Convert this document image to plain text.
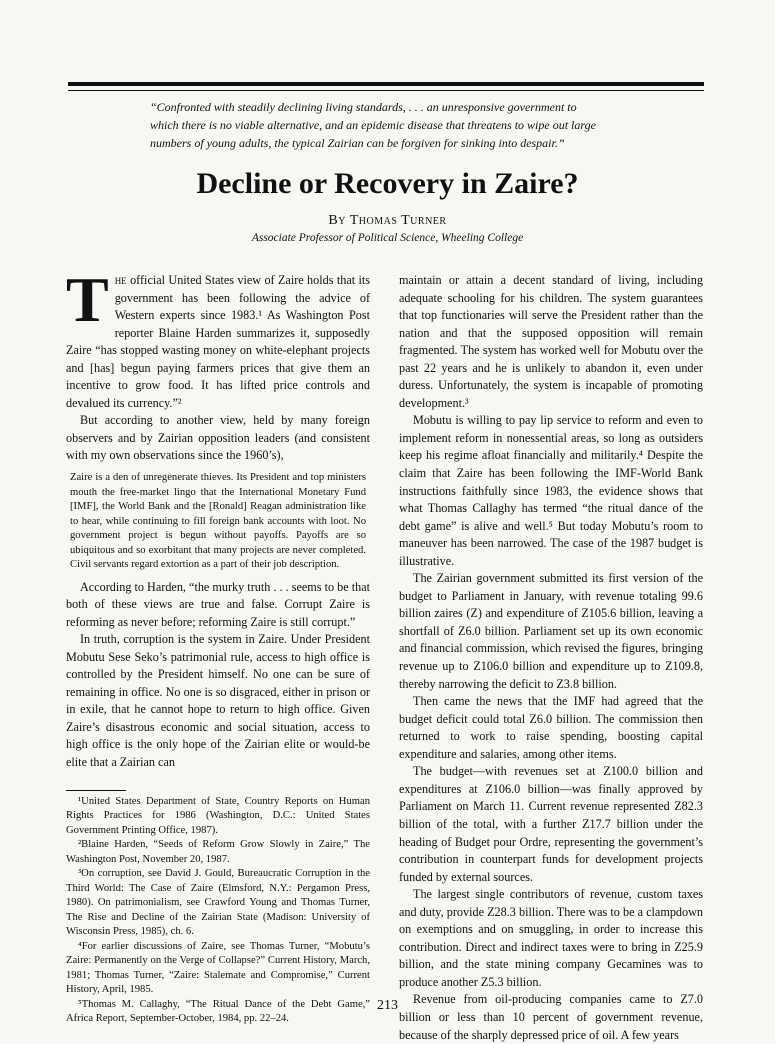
“Confronted with steadily declining living standards, . . . an unresponsive government to

which there is no viable alternative, and an epidemic disease that threatens to wipe out large

numbers of young adults, the typical Zairian can be forgiven for sinking into despair.”

Decline or Recovery in Zaire?
By Thomas Turner
Associate Professor of Political Science, Wheeling College

The official United States view of Zaire holds that its government has been following the advice of Western experts since 1983.¹ As Washington Post reporter Blaine Harden summarizes it, supposedly Zaire “has stopped wasting money on white-elephant projects and [has] begun paying farmers prices that give them an incentive to grow food. It has lifted price controls and devalued its currency.”²

But according to another view, held by many foreign observers and by Zairian opposition leaders (and consistent with my own observations since the 1960’s),

Zaire is a den of unregenerate thieves. Its President and top ministers mouth the free-market lingo that the International Monetary Fund [IMF], the World Bank and the [Ronald] Reagan administration like to hear, while continuing to fill foreign bank accounts with loot. No government project is begun without payoffs. Payoffs are so ubiquitous and so exorbitant that many projects are never completed. Civil servants regard extortion as a part of their job description.

According to Harden, “the murky truth . . . seems to be that both of these views are true and false. Corrupt Zaire is reforming as never before; reforming Zaire is still corrupt.”

In truth, corruption is the system in Zaire. Under President Mobutu Sese Seko’s patrimonial rule, access to high office is controlled by the President himself. No one can be sure of remaining in office. No one is so disgraced, either in prison or in exile, that he cannot hope to return to high office. Given Zaire’s disastrous economic and social situation, access to high office is the only hope of the Zairian elite or would-be elite that a Zairian can

¹United States Department of State, Country Reports on Human Rights Practices for 1986 (Washington, D.C.: United States Government Printing Office, 1987).

²Blaine Harden, “Seeds of Reform Grow Slowly in Zaire,” The Washington Post, November 20, 1987.

³On corruption, see David J. Gould, Bureaucratic Corruption in the Third World: The Case of Zaire (Elmsford, N.Y.: Pergamon Press, 1980). On patrimonialism, see Crawford Young and Thomas Turner, The Rise and Decline of the Zairian State (Madison: University of Wisconsin Press, 1985), ch. 6.

⁴For earlier discussions of Zaire, see Thomas Turner, “Mobutu’s Zaire: Permanently on the Verge of Collapse?” Current History, March, 1981; Thomas Turner, “Zaire: Stalemate and Compromise,” Current History, April, 1985.

⁵Thomas M. Callaghy, “The Ritual Dance of the Debt Game,” Africa Report, September-October, 1984, pp. 22–24.

maintain or attain a decent standard of living, including adequate schooling for his children. The system guarantees that top functionaries will serve the President rather than the nation and that the supposed opposition will remain fragmented. The system has worked well for Mobutu over the past 22 years and he is unlikely to abandon it, even under duress. Unfortunately, the system is incapable of promoting development.³

Mobutu is willing to pay lip service to reform and even to implement reform in nonessential areas, so long as outsiders keep his regime afloat financially and militarily.⁴ Despite the claim that Zaire has been following the IMF-World Bank instructions faithfully since 1983, the evidence shows that what Thomas Callaghy has termed “the ritual dance of the debt game” is alive and well.⁵ But today Mobutu’s room to maneuver has been narrowed. The case of the 1987 budget is illustrative.

The Zairian government submitted its first version of the budget to Parliament in January, with revenue totaling 99.6 billion zaires (Z) and expenditure of Z105.6 billion, leaving a shortfall of Z6.0 billion. Parliament set up its own economic and financial commission, which revised the figures, bringing revenue up to Z106.0 billion and expenditure up to Z109.8, thereby narrowing the deficit to Z3.8 billion.

Then came the news that the IMF had agreed that the budget deficit could total Z6.0 billion. The commission then returned to work to raise spending, boosting capital expenditure and salaries, among other items.

The budget—with revenues set at Z100.0 billion and expenditures at Z106.0 billion—was finally approved by Parliament on March 11. Current revenue represented Z82.3 billion of the total, with a further Z17.7 billion under the heading of Budget pour Ordre, representing the government’s contribution in counterpart funds for development projects funded by external sources.

The largest single contributors of revenue, custom taxes and duty, provide Z28.3 billion. There was to be a clampdown on exemptions and on smuggling, in order to increase this contribution. Direct and indirect taxes were to bring in Z25.9 billion, and the state mining company Gecamines was to produce another Z5.3 billion.

Revenue from oil-producing companies came to Z7.0 billion or less than 10 percent of government revenue, because of the sharply depressed price of oil. A few years

213
